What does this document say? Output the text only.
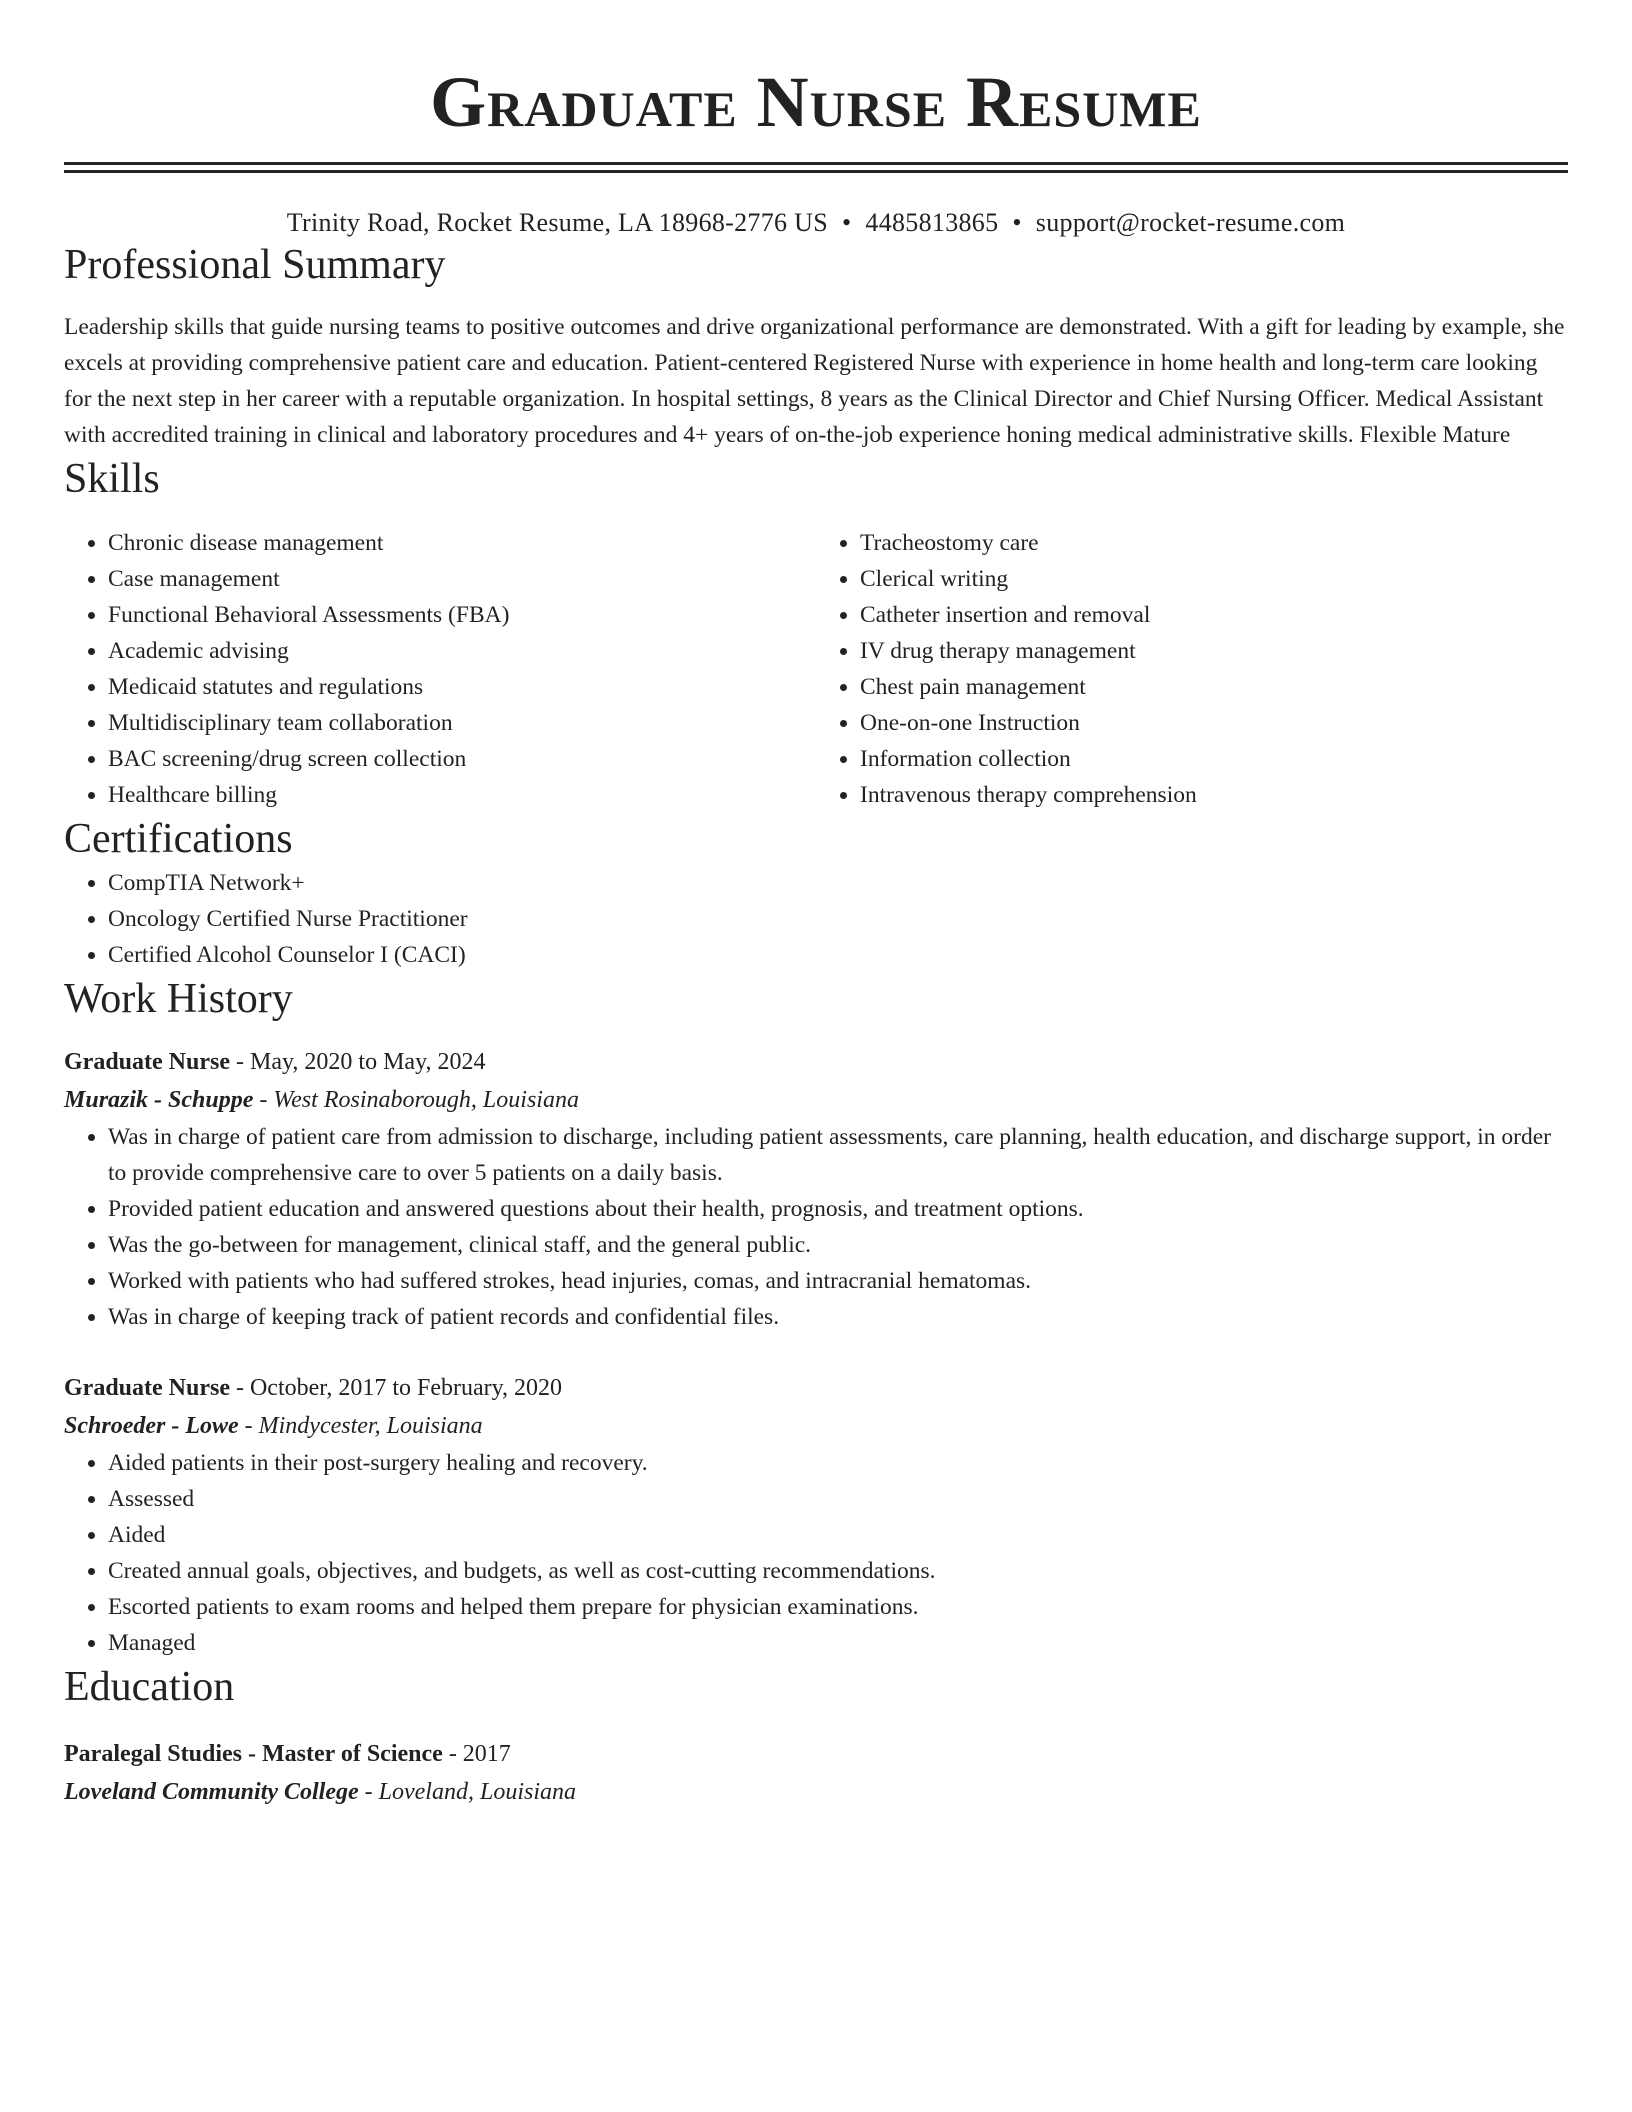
Graduate Nurse Resume
Trinity Road, Rocket Resume, LA 18968-2776 US • 4485813865 • support@rocket-resume.com
Professional Summary

Leadership skills that guide nursing teams to positive outcomes and drive organizational performance are demonstrated. With a gift for leading by example, she excels at providing comprehensive patient care and education. Patient-centered Registered Nurse with experience in home health and long-term care looking for the next step in her career with a reputable organization. In hospital settings, 8 years as the Clinical Director and Chief Nursing Officer. Medical Assistant with accredited training in clinical and laboratory procedures and 4+ years of on-the-job experience honing medical administrative skills. Flexible Mature

Skills
• Chronic disease management
• Case management
• Functional Behavioral Assessments (FBA)
• Academic advising
• Medicaid statutes and regulations
• Multidisciplinary team collaboration
• BAC screening/drug screen collection
• Healthcare billing
• Tracheostomy care
• Clerical writing
• Catheter insertion and removal
• IV drug therapy management
• Chest pain management
• One-on-one Instruction
• Information collection
• Intravenous therapy comprehension
Certifications
• CompTIA Network+
• Oncology Certified Nurse Practitioner
• Certified Alcohol Counselor I (CACI)
Work History
Graduate Nurse - May, 2020 to May, 2024
Murazik - Schuppe - West Rosinaborough, Louisiana
• Was in charge of patient care from admission to discharge, including patient assessments, care planning, health education, and discharge support, in order to provide comprehensive care to over 5 patients on a daily basis.
• Provided patient education and answered questions about their health, prognosis, and treatment options.
• Was the go-between for management, clinical staff, and the general public.
• Worked with patients who had suffered strokes, head injuries, comas, and intracranial hematomas.
• Was in charge of keeping track of patient records and confidential files.
Graduate Nurse - October, 2017 to February, 2020
Schroeder - Lowe - Mindycester, Louisiana
• Aided patients in their post-surgery healing and recovery.
• Assessed
• Aided
• Created annual goals, objectives, and budgets, as well as cost-cutting recommendations.
• Escorted patients to exam rooms and helped them prepare for physician examinations.
• Managed
Education
Paralegal Studies - Master of Science - 2017
Loveland Community College - Loveland, Louisiana
